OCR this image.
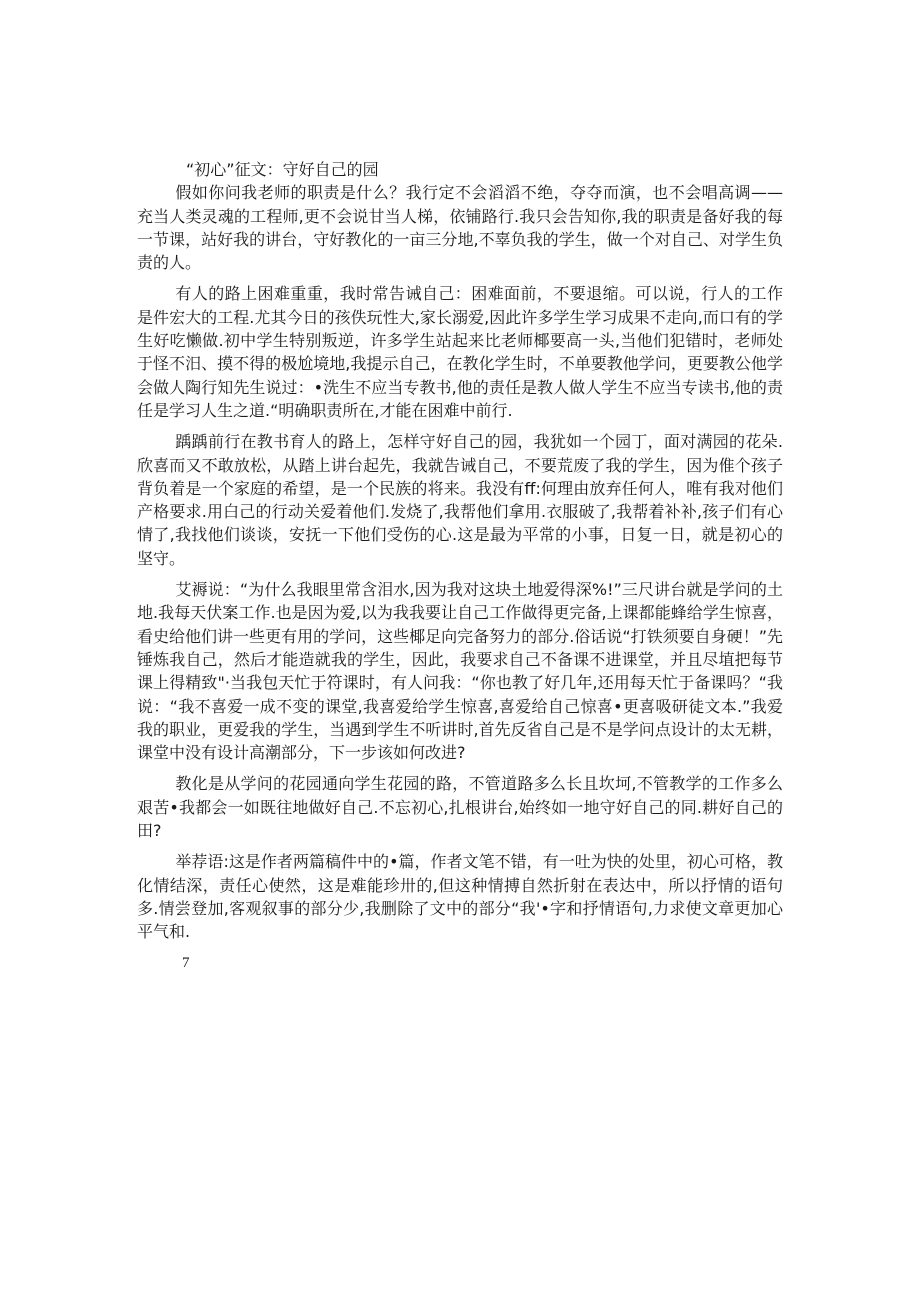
“初心”征文：守好自己的园

假如你问我老师的职责是什么？我行定不会滔滔不绝，夺夺而演，也不会唱高调——充当人类灵魂的工程师,更不会说甘当人梯，依铺路行.我只会告知你,我的职责是备好我的每一节课，站好我的讲台，守好教化的一亩三分地,不辜负我的学生，做一个对自己、对学生负责的人。

有人的路上困难重重，我时常告诫自己：困难面前，不要退缩。可以说，行人的工作是件宏大的工程.尤其今日的孩佚玩性大,家长溺爱,因此许多学生学习成果不走向,而口有的学生好吃懒做.初中学生特别叛逆，许多学生站起来比老师椰要高一头,当他们犯错时，老师处于怪不汨、摸不得的极尬境地,我提示自己，在教化学生时，不单要教他学问，更要教公他学会做人陶行知先生说过：•洗生不应当专教书,他的责任是教人做人学生不应当专读书,他的责任是学习人生之道.“明确职责所在,才能在困难中前行.

踽踽前行在教书育人的路上，怎样守好自己的园，我犹如一个园丁，面对满园的花朵.欣喜而又不敢放松，从踏上讲台起先，我就告诫自己，不要荒废了我的学生，因为倠个孩子背负着是一个家庭的希望，是一个民族的将来。我没有ff:何理由放弃任何人，唯有我对他们产格要求.用白己的行动关爱着他们.发烧了,我帮他们拿用.衣服破了,我帮着补补,孩子们有心情了,我找他们谈谈，安抚一下他们受伤的心.这是最为平常的小事，日复一日，就是初心的坚守。

艾褥说：“为什么我眼里常含泪水,因为我对这块土地爱得深%!”三尺讲台就是学问的土地.我每天伏案工作.也是因为爱,以为我我要让自己工作做得更完备,上课都能蜂给学生惊喜，看史给他们讲一些更有用的学问，这些椰足向完备努力的部分.俗话说“打铁须要自身硬！”先锤炼我自己，然后才能造就我的学生，因此，我要求自己不备课不进课堂，并且尽埴把每节课上得精致"·当我包天忙于符课时，有人问我：“你也教了好几年,还用每天忙于备课吗？“我说：“我不喜爱一成不变的课堂,我喜爱给学生惊喜,喜爱给自己惊喜•更喜吸研徒文本.”我爱我的职业，更爱我的学生，当遇到学生不听讲时,首先反省自己是不是学问点设计的太无耕，课堂中没有设计高潮部分，下一步该如何改进?

教化是从学问的花园通向学生花园的路，不管道路多么长且坎坷,不管教学的工作多么艰苦•我都会一如既往地做好自己.不忘初心,扎根讲台,始终如一地守好自己的同.耕好自己的田?

举荐语:这是作者两篇稿件中的•篇，作者文笔不错，有一吐为快的处里，初心可格，教化情结深，责任心使然，这是难能珍卅的,但这种情搏自然折射在表达中，所以抒情的语句多.情尝登加,客观叙事的部分少,我删除了文中的部分“我'•字和抒情语句,力求使文章更加心平气和.

7
